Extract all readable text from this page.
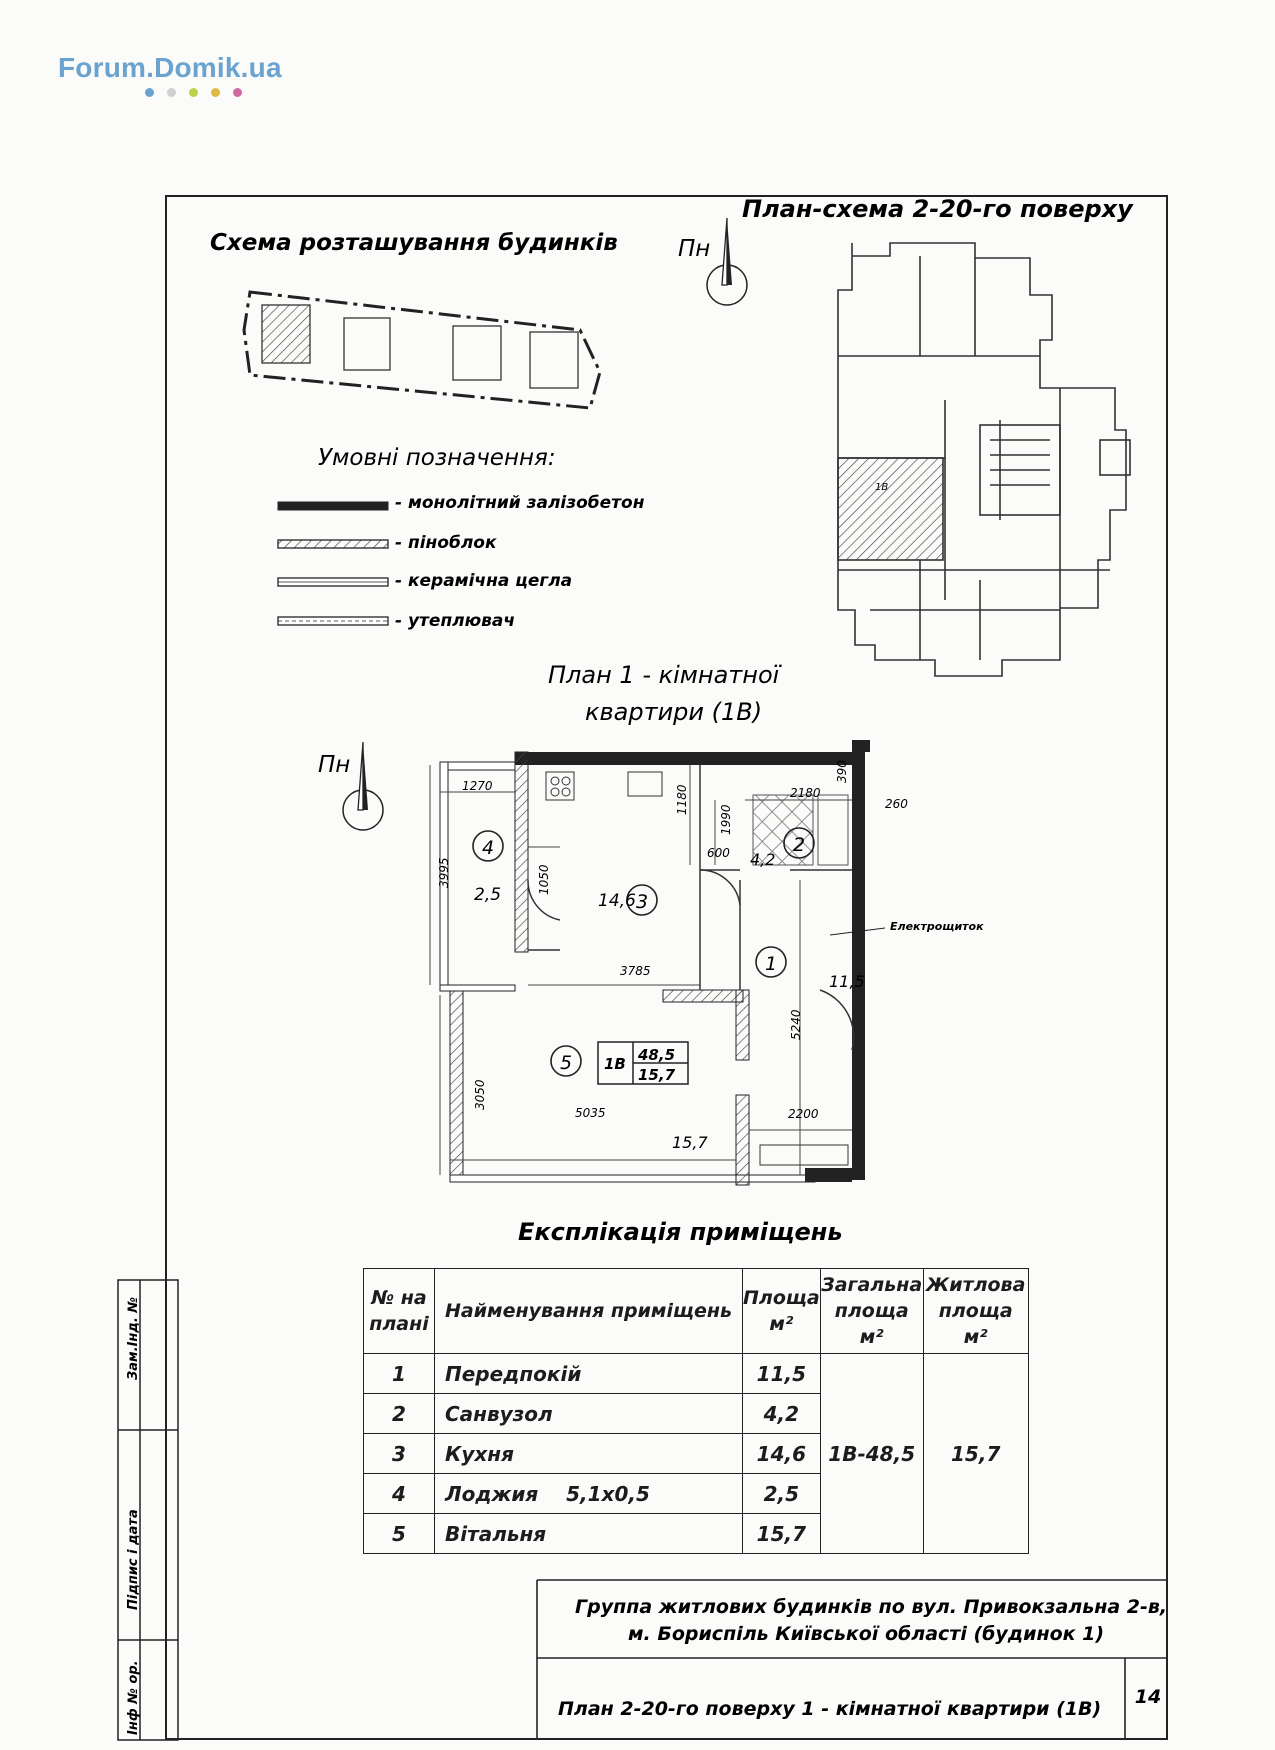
Forum.Domik.ua
Схема розташування будинків	Пн
План-схема 2-20-го поверху
1В
Умовні позначення:
- монолітний залізобетон
- пінoблок
- керамічна цегла
- утеплювач
План 1 - кімнатної
квартири (1В)
Пн
1
2
3
4
5
11,5
4,2
14,6
2,5
15,7
1В 48,5
15,7
Електрощиток
1270
3995	1050
1180	2180
390
260
1990
600
3785
3050
5035
5240
2200
Експлікація приміщень
Зам.Інд. №
Підпис і дата
Інф № ор.
Группа житлових будинків по вул. Привокзальна 2-в,
м. Бориспіль Київської області (будинок 1)
План 2-20-го поверху 1 - кімнатної квартири (1В)
14
№ на плані	Найменування приміщень	Площа м²	Загальна площа м²	Житлова площа м²
1	Передпокій	11,5	1В-48,5	15,7
2	Санвузол	4,2		
3	Кухня	14,6		
4	Лоджия    5,1х0,5	2,5		
5	Вітальня	15,7		
